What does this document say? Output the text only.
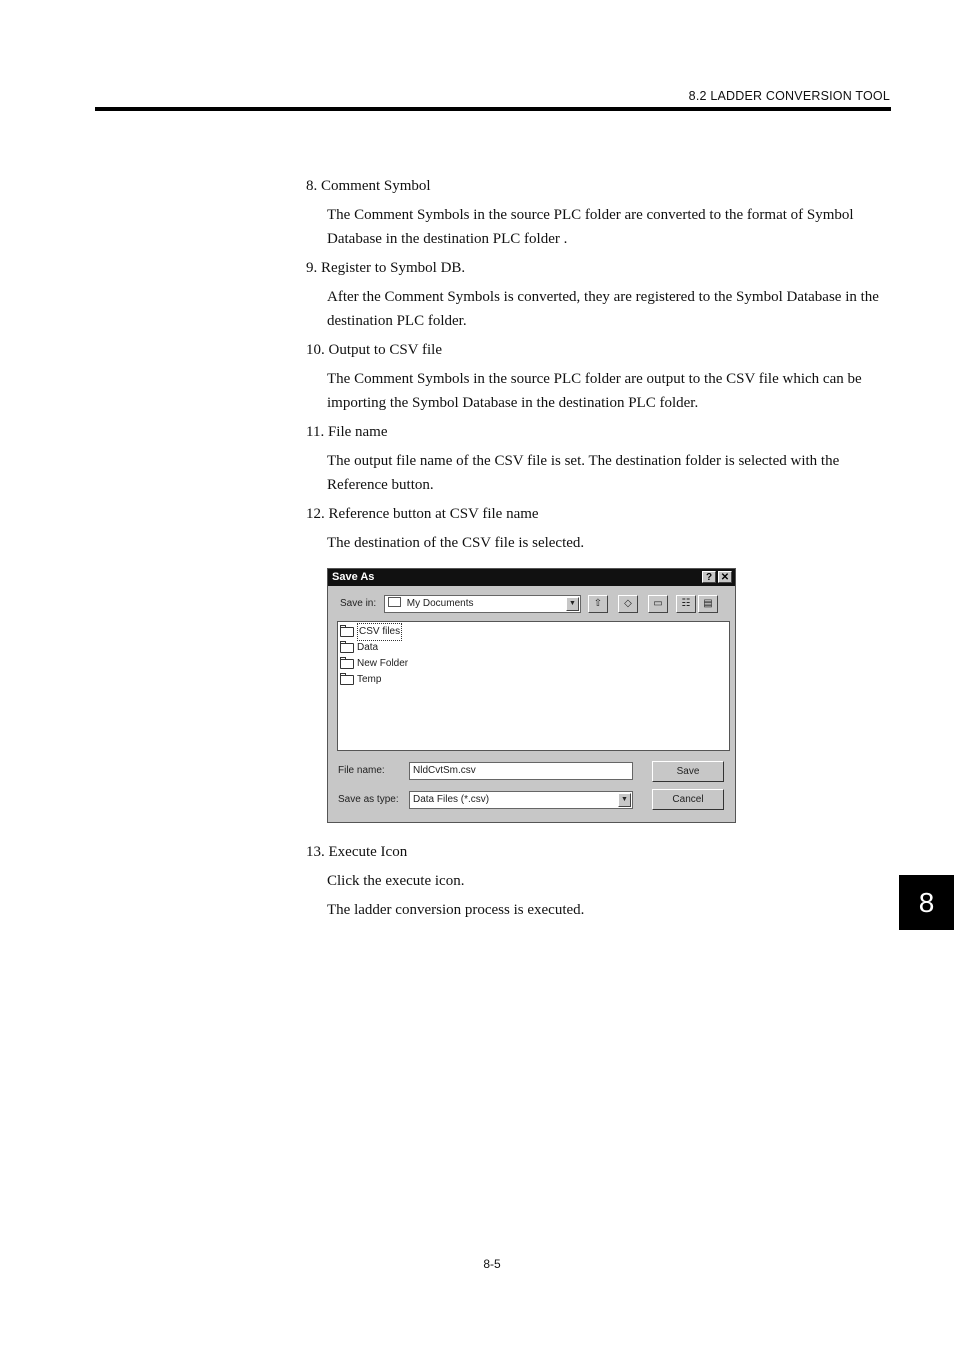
8.2 LADDER CONVERSION TOOL

8. Comment Symbol

The Comment Symbols in the source PLC folder are converted to the format of Symbol Database in the destination PLC folder .

9. Register to Symbol DB.

After the Comment Symbols is converted, they are registered to the Symbol Database in the destination PLC folder.

10. Output to CSV file

The Comment Symbols in the source PLC folder are output to the CSV file which can be importing the Symbol Database in the destination PLC folder.

11. File name

The output file name of the CSV file is set. The destination folder is selected with the Reference button.

12. Reference button at CSV file name

The destination of the CSV file is selected.

Save As	? ✕
Save in:	My Documents	▼	⇧	◇	▭	☷	▤
CSV files
Data
New Folder
Temp
File name:	NldCvtSm.csv	Save
Save as type:	Data Files (*.csv)	▼	Cancel

13. Execute Icon

Click the execute icon.

The ladder conversion process is executed.	8
8-5
